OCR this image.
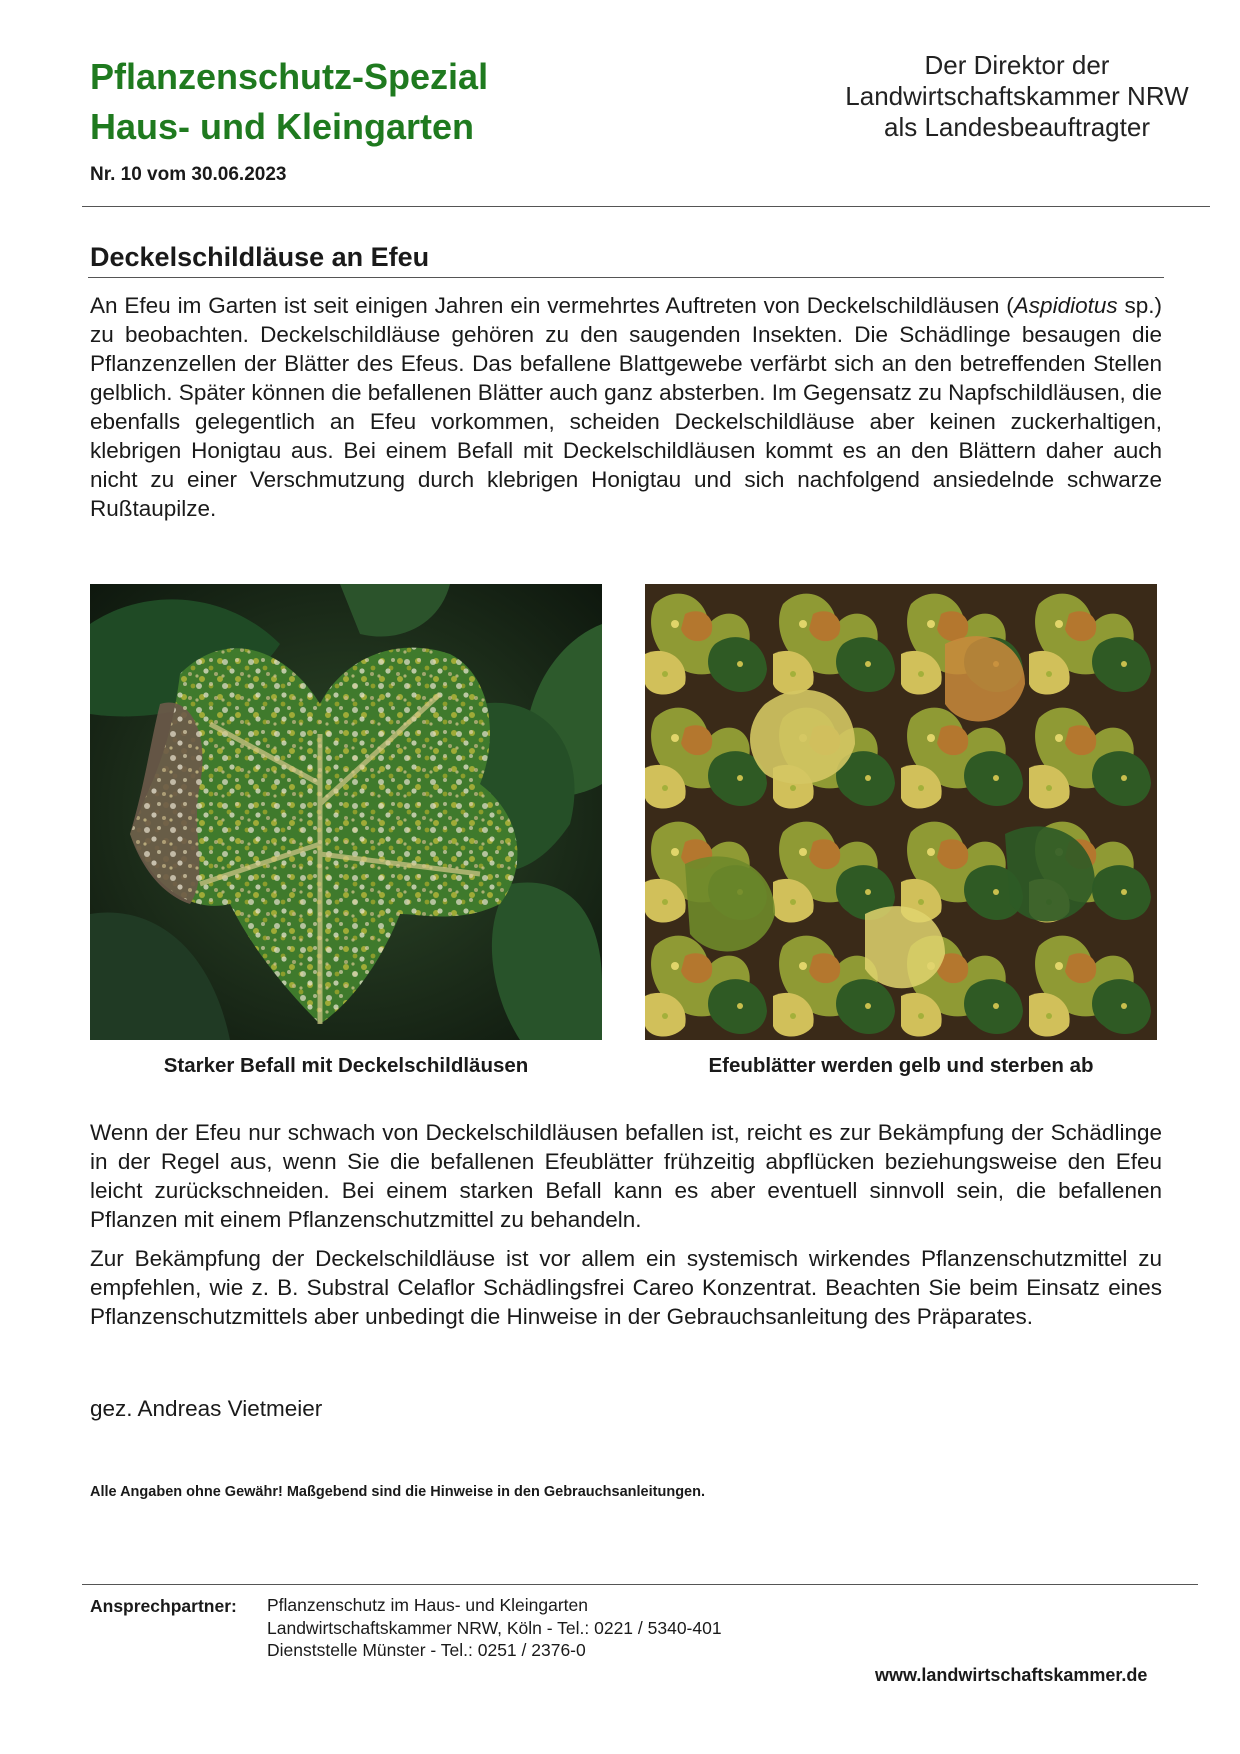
Pflanzenschutz-Spezial
Haus- und Kleingarten
Nr. 10 vom 30.06.2023
Der Direktor der
Landwirtschaftskammer NRW
als Landesbeauftragter
Deckelschildläuse an Efeu
An Efeu im Garten ist seit einigen Jahren ein vermehrtes Auftreten von Deckelschildläusen (Aspidiotus sp.) zu beobachten. Deckelschildläuse gehören zu den saugenden Insekten. Die Schädlinge besaugen die Pflanzenzellen der Blätter des Efeus. Das befallene Blattgewebe verfärbt sich an den betreffenden Stellen gelblich. Später können die befallenen Blätter auch ganz absterben. Im Gegensatz zu Napfschildläusen, die ebenfalls gelegentlich an Efeu vorkommen, scheiden Deckelschildläuse aber keinen zuckerhaltigen, klebrigen Honigtau aus. Bei einem Befall mit Deckelschildläusen kommt es an den Blättern daher auch nicht zu einer Verschmutzung durch klebrigen Honigtau und sich nachfolgend ansiedelnde schwarze Rußtaupilze.
Starker Befall mit Deckelschildläusen	Efeublätter werden gelb und sterben ab
Wenn der Efeu nur schwach von Deckelschildläusen befallen ist, reicht es zur Bekämpfung der Schädlinge in der Regel aus, wenn Sie die befallenen Efeublätter frühzeitig abpflücken beziehungsweise den Efeu leicht zurückschneiden. Bei einem starken Befall kann es aber eventuell sinnvoll sein, die befallenen Pflanzen mit einem Pflanzenschutzmittel zu behandeln.
Zur Bekämpfung der Deckelschildläuse ist vor allem ein systemisch wirkendes Pflanzenschutzmittel zu empfehlen, wie z. B. Substral Celaflor Schädlingsfrei Careo Konzentrat. Beachten Sie beim Einsatz eines Pflanzenschutzmittels aber unbedingt die Hinweise in der Gebrauchsanleitung des Präparates.
gez. Andreas Vietmeier
Alle Angaben ohne Gewähr! Maßgebend sind die Hinweise in den Gebrauchsanleitungen.
Ansprechpartner: Pflanzenschutz im Haus- und Kleingarten
Landwirtschaftskammer NRW, Köln - Tel.: 0221 / 5340-401
Dienststelle Münster - Tel.: 0251 / 2376-0
www.landwirtschaftskammer.de
